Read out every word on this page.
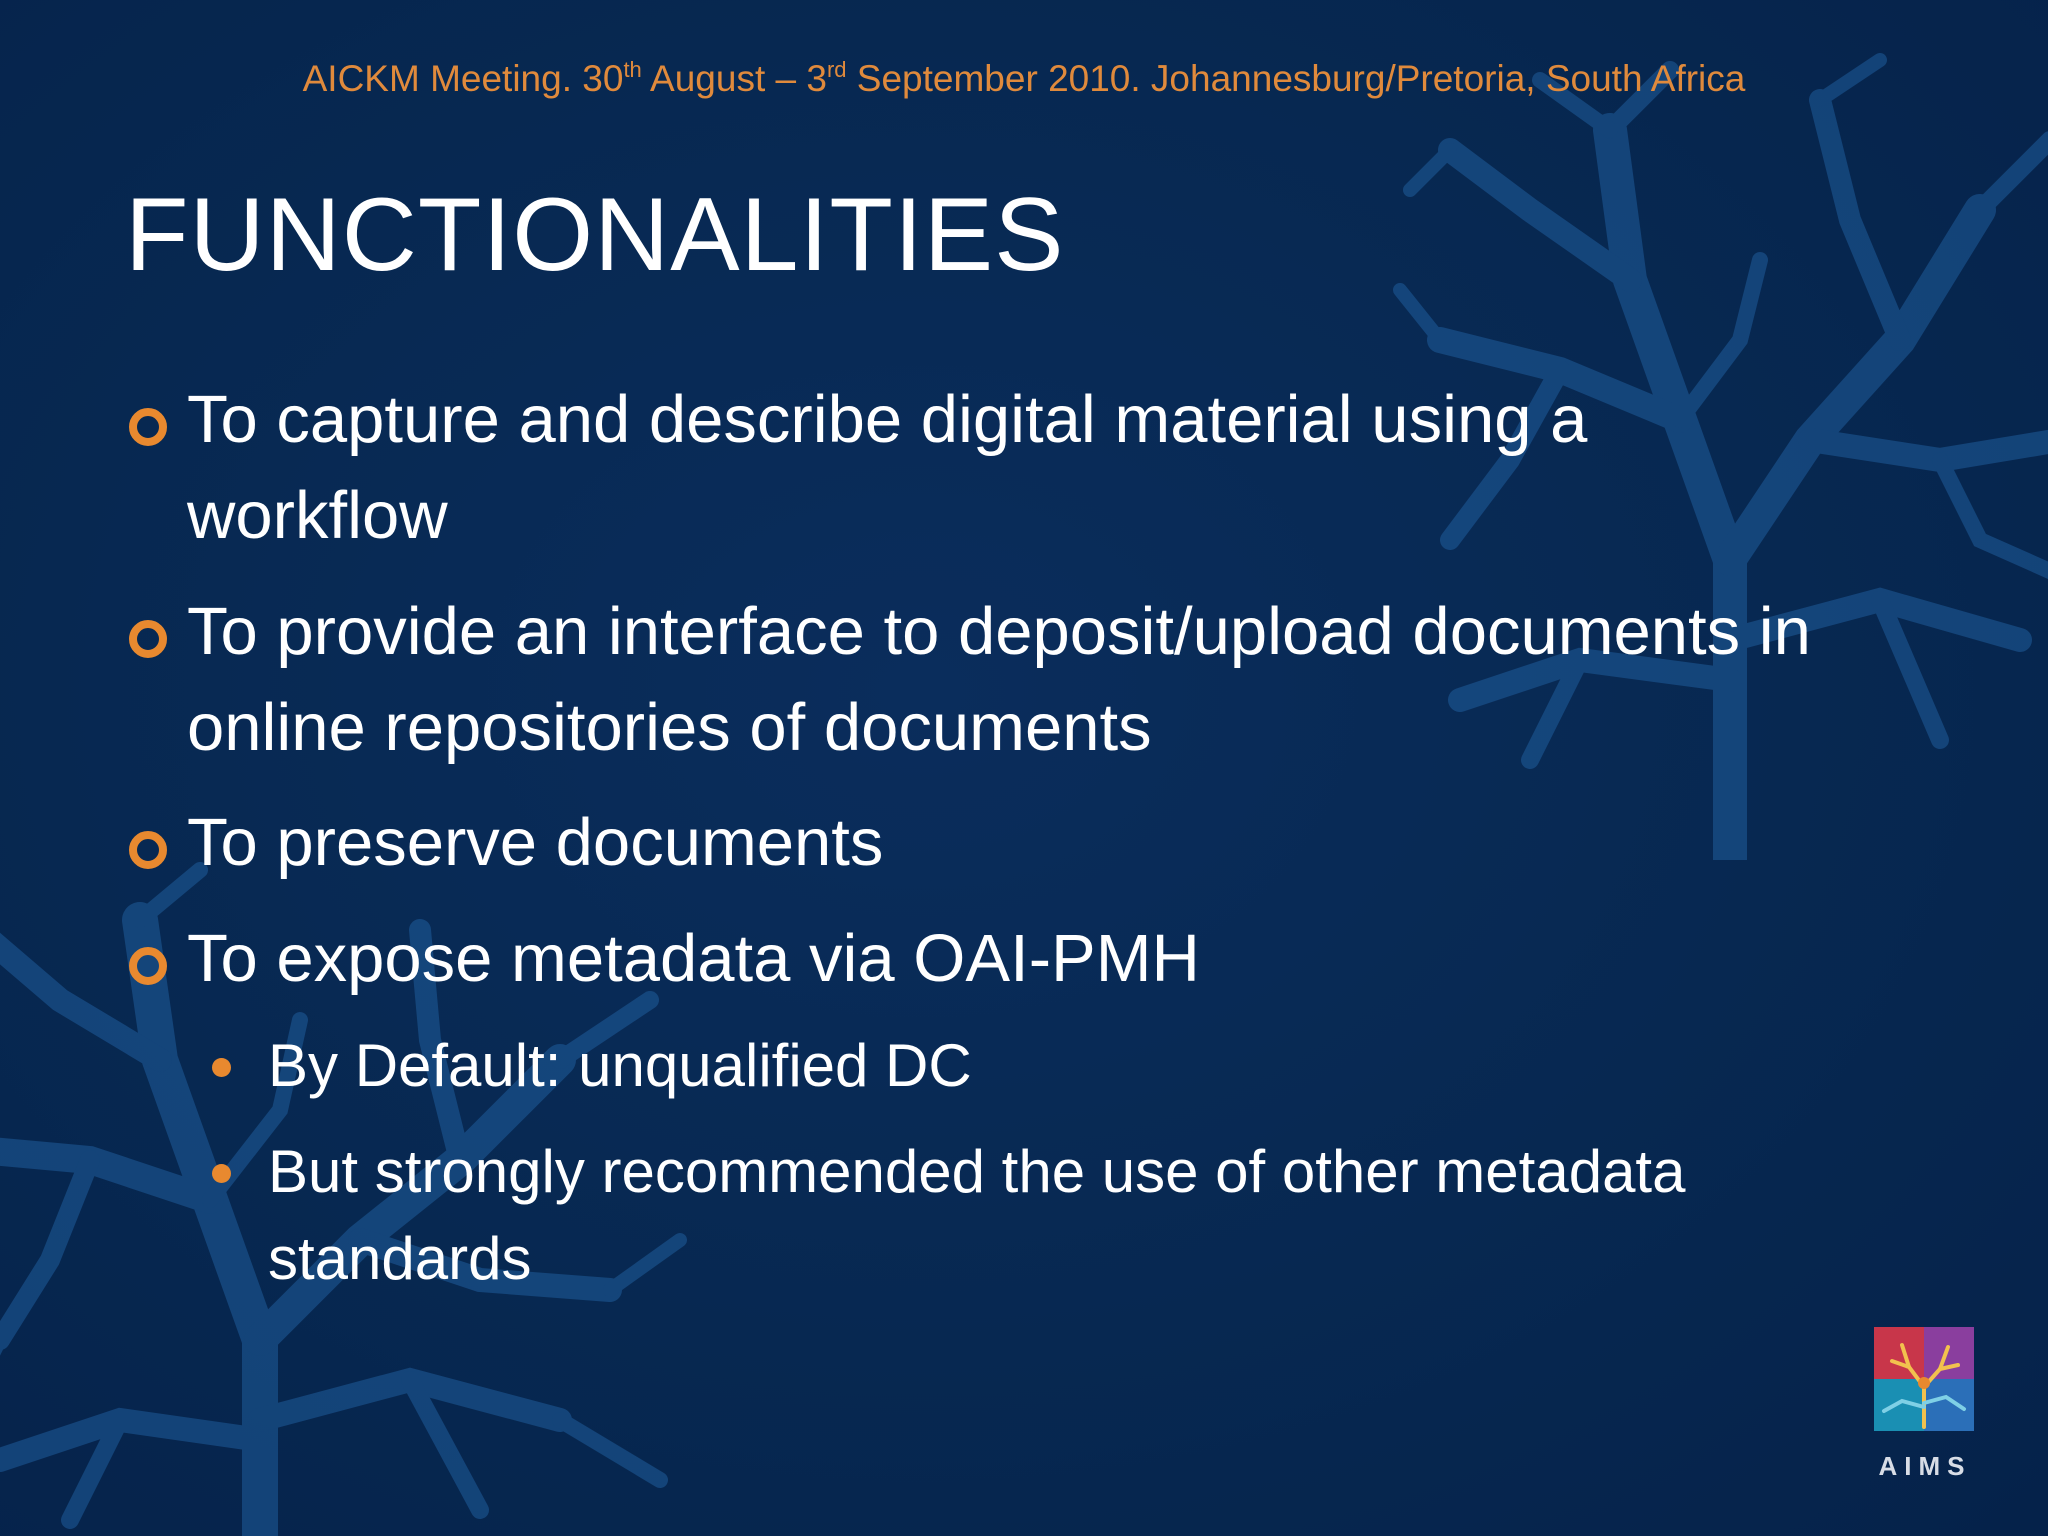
AICKM Meeting. 30th August – 3rd September 2010. Johannesburg/Pretoria, South Africa
FUNCTIONALITIES
To capture and describe digital material using a workflow
To provide an interface to deposit/upload documents in online repositories of documents
To preserve documents
To expose metadata via OAI-PMH
By Default: unqualified DC
But strongly recommended the use of other metadata standards
AIMS
